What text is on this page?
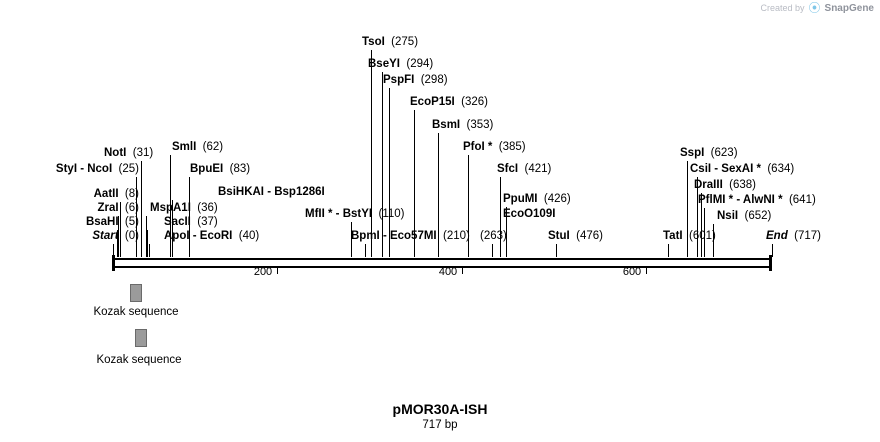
Created by ⦿ SnapGene
200	400	600
Start  (0)
BsaHI  (5)
ZraI  (6)
AatII  (8)
StyI - NcoI  (25)
NotI  (31)
ApoI - EcoRI  (40)
SacII  (37)
MspA1I  (36)
BsiHKAI - Bsp1286I
BpuEI  (83)
SmlI  (62)
MfII * - BstYI  (110)
BpmI - Eco57MI  (210)
TsoI  (275)
BseYI  (294)
PspFI  (298)
EcoP15I  (326)
BsmI  (353)
PfoI *  (385)
SfcI  (421)
PpuMI  (426)
EcoO109I
(263)	StuI  (476)	TatI  (601)
SspI  (623)
CsiI - SexAI *  (634)
DraIII  (638)
PflMI * - AlwNI *  (641)
NsiI  (652)
End  (717)
Kozak sequence
Kozak sequence
pMOR30A-ISH
717 bp
